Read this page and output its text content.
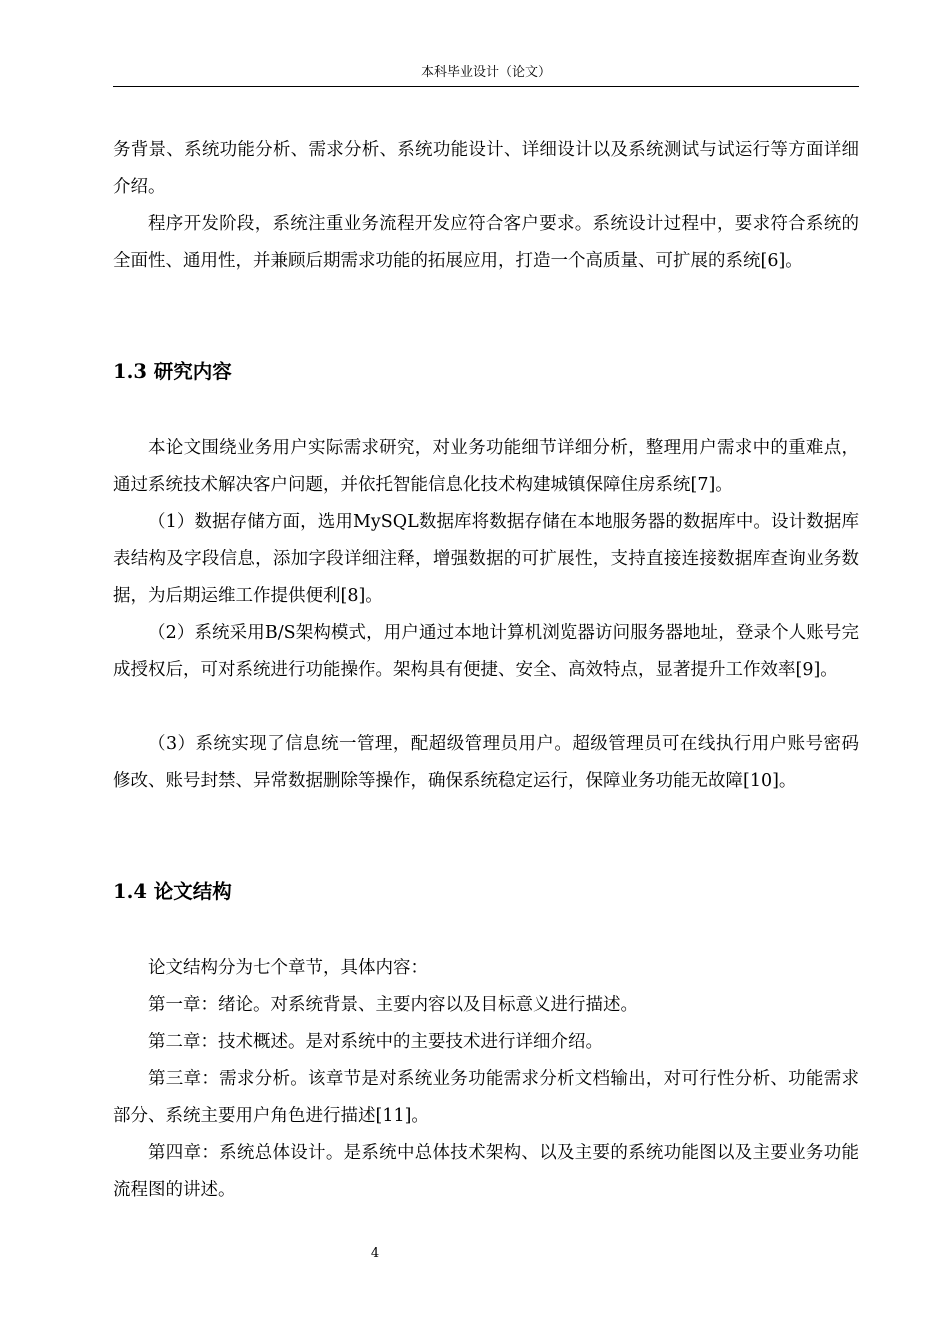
本科毕业设计（论文）

务背景、系统功能分析、需求分析、系统功能设计、详细设计以及系统测试与试运行等方面详细介绍。

程序开发阶段，系统注重业务流程开发应符合客户要求。系统设计过程中，要求符合系统的全面性、通用性，并兼顾后期需求功能的拓展应用，打造一个高质量、可扩展的系统[6]。

1.3 研究内容

本论文围绕业务用户实际需求研究，对业务功能细节详细分析，整理用户需求中的重难点，通过系统技术解决客户问题，并依托智能信息化技术构建城镇保障住房系统[7]。

（1）数据存储方面，选用MySQL数据库将数据存储在本地服务器的数据库中。设计数据库表结构及字段信息，添加字段详细注释，增强数据的可扩展性，支持直接连接数据库查询业务数据，为后期运维工作提供便利[8]。

（2）系统采用B/S架构模式，用户通过本地计算机浏览器访问服务器地址，登录个人账号完成授权后，可对系统进行功能操作。架构具有便捷、安全、高效特点，显著提升工作效率[9]。

（3）系统实现了信息统一管理，配超级管理员用户。超级管理员可在线执行用户账号密码修改、账号封禁、异常数据删除等操作，确保系统稳定运行，保障业务功能无故障[10]。

1.4 论文结构

论文结构分为七个章节，具体内容：

第一章：绪论。对系统背景、主要内容以及目标意义进行描述。

第二章：技术概述。是对系统中的主要技术进行详细介绍。

第三章：需求分析。该章节是对系统业务功能需求分析文档输出，对可行性分析、功能需求部分、系统主要用户角色进行描述[11]。

第四章：系统总体设计。是系统中总体技术架构、以及主要的系统功能图以及主要业务功能流程图的讲述。

4
